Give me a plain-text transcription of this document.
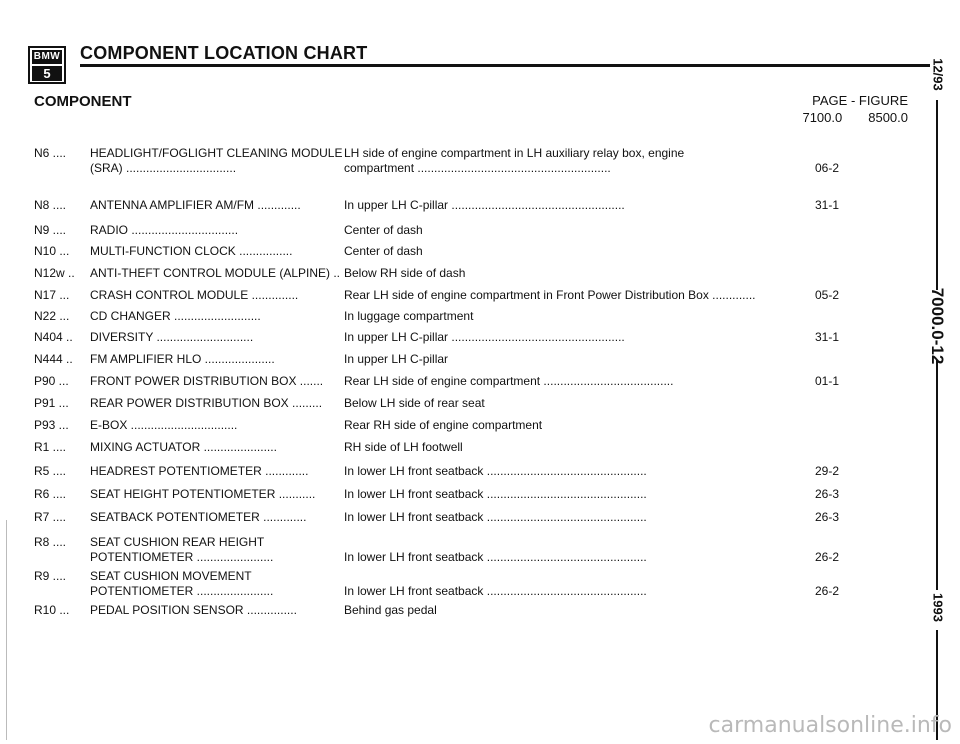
BMW
5
COMPONENT LOCATION CHART
COMPONENT	PAGE - FIGURE
7100.0 8500.0
N6 ....	HEADLIGHT/FOGLIGHT CLEANING MODULE
(SRA) .................................
LH side of engine compartment in LH auxiliary relay box, engine
compartment ..........................................................	06-2
N8 ....	ANTENNA AMPLIFIER AM/FM .............	In upper LH C-pillar ....................................................	31-1
N9 ....	RADIO ................................	Center of dash
N10 ...	MULTI-FUNCTION CLOCK ................	Center of dash
N12w ..	ANTI-THEFT CONTROL MODULE (ALPINE) .. Below RH side of dash
N17 ...	CRASH CONTROL MODULE ..............	Rear LH side of engine compartment in Front Power Distribution Box .............	05-2
N22 ...	CD CHANGER ..........................	In luggage compartment
N404 ..	DIVERSITY .............................	In upper LH C-pillar ....................................................	31-1
N444 ..	FM AMPLIFIER HLO .....................	In upper LH C-pillar
P90 ...	FRONT POWER DISTRIBUTION BOX .......	Rear LH side of engine compartment .......................................	01-1
P91 ...	REAR POWER DISTRIBUTION BOX .........	Below LH side of rear seat
P93 ...	E-BOX ................................	Rear RH side of engine compartment
R1 ....	MIXING ACTUATOR ......................	RH side of LH footwell
R5 ....	HEADREST POTENTIOMETER .............	In lower LH front seatback ................................................	29-2
R6 ....	SEAT HEIGHT POTENTIOMETER ...........	In lower LH front seatback ................................................	26-3
R7 ....	SEATBACK POTENTIOMETER .............	In lower LH front seatback ................................................	26-3
R8 ....	SEAT CUSHION REAR HEIGHT
POTENTIOMETER .......................	In lower LH front seatback ................................................	26-2
R9 ....	SEAT CUSHION MOVEMENT
POTENTIOMETER .......................	In lower LH front seatback ................................................	26-2
R10 ...	PEDAL POSITION SENSOR ...............	Behind gas pedal
12/93
7000.0-12
1993
carmanualsonline.info
